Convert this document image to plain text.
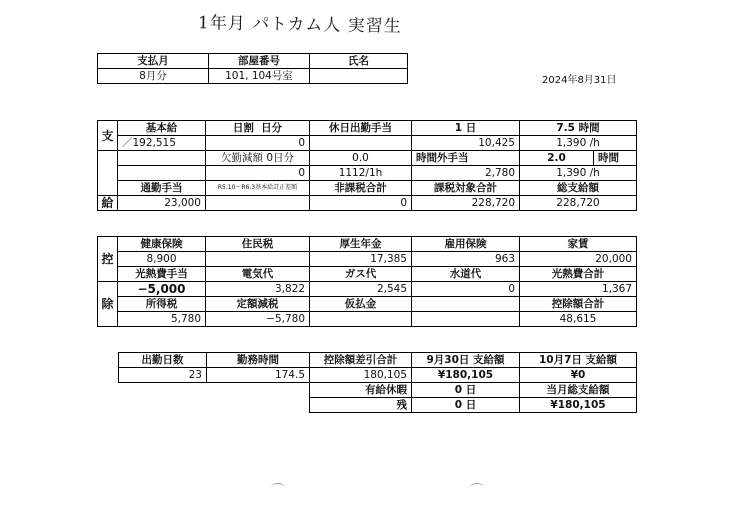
1年月 パトカム人 実習生
支払月	部屋番号	氏名
8月分	101, 104号室		2024年8月31日
支	基本給	日割 日分	休日出勤手当	1 日	7.5 時間	
	／192,515	0		10,425	1,390 /h	
		欠勤減額 0日分	0.0	時間外手当	2.0	時間
		0	1112/1h	2,780	1,390 /h	
	通勤手当	R5.10〜R6.3基本給訂正差額	非課税合計	課税対象合計	総支給額	
給	23,000		0	228,720	228,720	
控	健康保険	住民税	厚生年金	雇用保険	家賃
	8,900		17,385	963	20,000
	光熱費手当	電気代	ガス代	水道代	光熱費合計
除	−5,000	3,822	2,545	0	1,367
	所得税	定額減税	仮払金		控除額合計
	5,780	−5,780			48,615
出勤日数	勤務時間	控除額差引合計	9月30日 支給額	10月7日 支給額
23	174.5	180,105	¥180,105	¥0
		有給休暇	0 日	当月総支給額
		残	0 日	¥180,105
